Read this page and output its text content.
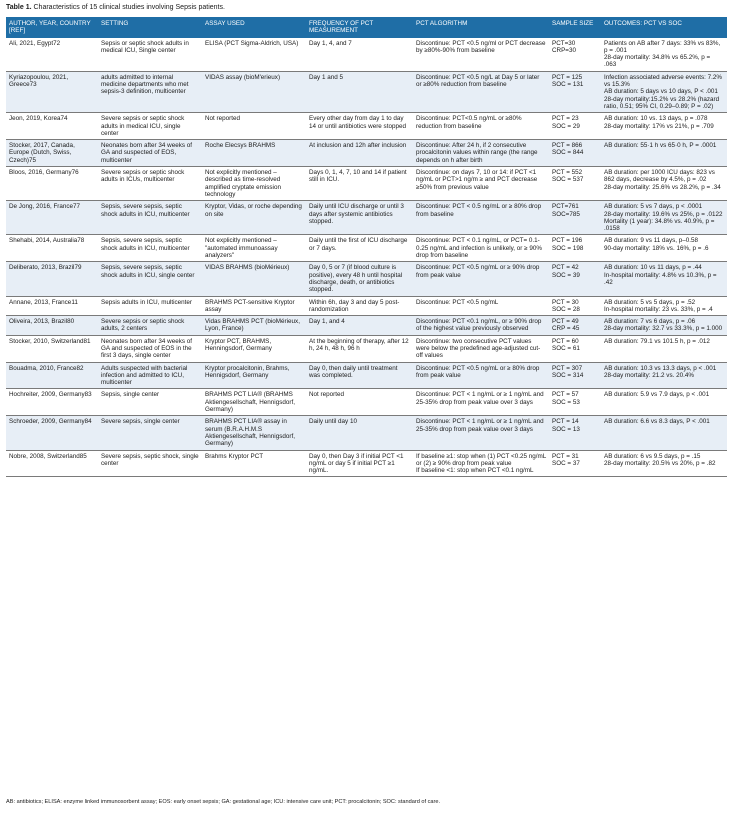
Table 1. Characteristics of 15 clinical studies involving Sepsis patients.
AUTHOR, YEAR, COUNTRY [REF]	SETTING	ASSAY USED	FREQUENCY OF PCT MEASUREMENT	PCT ALGORITHM	SAMPLE SIZE	OUTCOMES: PCT VS SOC

Ali, 2021, Egypt72	Sepsis or septic shock adults in medical ICU, Single center	ELISA (PCT Sigma-Aldrich, USA)	Day 1, 4, and 7	Discontinue: PCT <0.5 ng/ml or PCT decrease by ≥80%-90% from baseline	PCT=30
CRP=30	Patients on AB after 7 days: 33% vs 83%, p = .001
28-day mortality: 34.8% vs 65.2%, p = .063

Kyriazopoulou, 2021, Greece73	adults admitted to internal medicine departments who met sepsis-3 definition, multicenter	VIDAS assay (bioM'erieux)	Day 1 and 5	Discontinue: PCT <0.5 ng/L at Day 5 or later or ≥80% reduction from baseline	PCT = 125
SOC = 131	Infection associated adverse events: 7.2% vs 15.3%
AB duration: 5 days vs 10 days, P < .001
28-day mortality:15.2% vs 28.2% (hazard ratio, 0.51; 95% CI, 0.29–0.89; P = .02)

Jeon, 2019, Korea74	Severe sepsis or septic shock adults in medical ICU, single center	Not reported	Every other day from day 1 to day 14 or until antibiotics were stopped	Discontinue: PCT<0.5 ng/mL or ≥80% reduction from baseline	PCT = 23
SOC = 29	AB duration: 10 vs. 13 days, p = .078
28-day mortality: 17% vs 21%, p = .709

Stocker, 2017, Canada, Europe (Dutch, Swiss, Czech)75	Neonates born after 34 weeks of GA and suspected of EOS, multicenter	Roche Elecsys BRAHMS	At inclusion and 12h after inclusion	Discontinue: After 24 h, if 2 consecutive procalcitonin values within range (the range depends on h after birth	PCT = 866
SOC = 844	AB duration: 55·1 h vs 65·0 h, P = .0001

Bloos, 2016, Germany76	Severe sepsis or septic shock adults in ICUs, multicenter	Not explicitly mentioned – described as time-resolved amplified cryptate emission technology	Days 0, 1, 4, 7, 10 and 14 if patient still in ICU.	Discontinue: on days 7, 10 or 14: if PCT <1 ng/mL or PCT>1 ng/m ≥ and PCT decrease ≥50% from previous value	PCT = 552
SOC = 537	AB duration: per 1000 ICU days: 823 vs 862 days, decrease by 4.5%, p = .02
28-day mortality: 25.6% vs 28.2%, p = .34

De Jong, 2016, France77	Sepsis, severe sepsis, septic shock adults in ICU, multicenter	Kryptor, Vidas, or roche depending on site	Daily until ICU discharge or until 3 days after systemic antibiotics stopped.	Discontinue: PCT < 0.5 ng/mL or ≥ 80% drop from baseline	PCT=761
SOC=785	AB duration: 5 vs 7 days, p < .0001
28-day mortality: 19.6% vs 25%, p = .0122
Mortality (1 year): 34.8% vs. 40.9%, p = .0158

Shehabi, 2014, Australia78	Sepsis, severe sepsis, septic shock adults in ICU, multicenter	Not explicitly mentioned – "automated immunoassay analyzers"	Daily until the first of ICU discharge or 7 days.	Discontinue: PCT < 0.1 ng/mL, or PCT= 0.1-0.25 ng/mL and infection is unlikely, or ≥ 90% drop from baseline	PCT = 196
SOC = 198	AB duration: 9 vs 11 days, p–0.58
90-day mortality: 18% vs. 16%, p = .6

Deliberato, 2013, Brazil79	Sepsis, severe sepsis, septic shock adults in ICU, single center	VIDAS BRAHMS (bioMérieux)	Day 0, 5 or 7 (if blood culture is positive), every 48 h until hospital discharge, death, or antibiotics stopped.	Discontinue: PCT <0.5 ng/mL or ≥ 90% drop from peak value	PCT = 42
SOC = 39	AB duration: 10 vs 11 days, p = .44
In-hospital mortality: 4.8% vs 10.3%, p = .42

Annane, 2013, France11	Sepsis adults in ICU, multicenter	BRAHMS PCT-sensitive Kryptor assay	Within 6h, day 3 and day 5 post-randomization	Discontinue: PCT <0.5 ng/mL	PCT = 30
SOC = 28	AB duration: 5 vs 5 days, p = .52
In-hospital mortality: 23 vs. 33%, p = .4

Oliveira, 2013, Brazil80	Severe sepsis or septic shock adults, 2 centers	Vidas BRAHMS PCT (bioMérieux, Lyon, France)	Day 1, and 4	Discontinue: PCT <0.1 ng/mL, or ≥ 90% drop of the highest value previously observed	PCT = 49
CRP = 45	AB duration: 7 vs 6 days, p = .06
28-day mortality: 32.7 vs 33.3%, p = 1.000

Stocker, 2010, Switzerland81	Neonates born after 34 weeks of GA and suspected of EOS in the first 3 days, single center	Kryptor PCT, BRAHMS, Henningsdorf, Germany	At the beginning of therapy, after 12 h, 24 h, 48 h, 96 h	Discontinue: two consecutive PCT values were below the predefined age-adjusted cut-off values	PCT = 60
SOC = 61	AB duration: 79.1 vs 101.5 h, p = .012

Bouadma, 2010, France82	Adults suspected with bacterial infection and admitted to ICU, multicenter	Kryptor procalcitonin, Brahms, Hennigsdorf, Germany	Day 0, then daily until treatment was completed.	Discontinue: PCT <0.5 ng/mL or ≥ 80% drop from peak value	PCT = 307
SOC = 314	AB duration: 10.3 vs 13.3 days, p < .001
28-day mortality: 21.2 vs. 20.4%

Hochreiter, 2009, Germany83	Sepsis, single center	BRAHMS PCT LIA® (BRAHMS Aktiengesellschaft, Hennigsdorf, Germany)	Not reported	Discontinue: PCT < 1 ng/mL or ≥ 1 ng/mL and 25-35% drop from peak value over 3 days	PCT = 57
SOC = 53	AB duration: 5.9 vs 7.9 days, p < .001

Schroeder, 2009, Germany84	Severe sepsis, single center	BRAHMS PCT LIA® assay in serum (B.R.A.H.M.S Aktiengesellschaft, Hennigsdorf, Germany)	Daily until day 10	Discontinue: PCT < 1 ng/mL or ≥ 1 ng/mL and 25-35% drop from peak value over 3 days	PCT = 14
SOC = 13	AB duration: 6.6 vs 8.3 days, P < .001

Nobre, 2008, Switzerland85	Severe sepsis, septic shock, single center	Brahms Kryptor PCT	Day 0, then Day 3 if initial PCT <1 ng/mL or day 5 if initial PCT ≥1 ng/mL.	If baseline ≥1: stop when (1) PCT <0.25 ng/mL or (2) ≥ 90% drop from peak value
If baseline <1: stop when PCT <0.1 ng/mL	PCT = 31
SOC = 37	AB duration: 6 vs 9.5 days, p = .15
28-day mortality: 20.5% vs 20%, p = .82
AB: antibiotics; ELISA: enzyme linked immunosorbent assay; EOS: early onset sepsis; GA: gestational age; ICU: intensive care unit; PCT: procalcitonin; SOC: standard of care.
